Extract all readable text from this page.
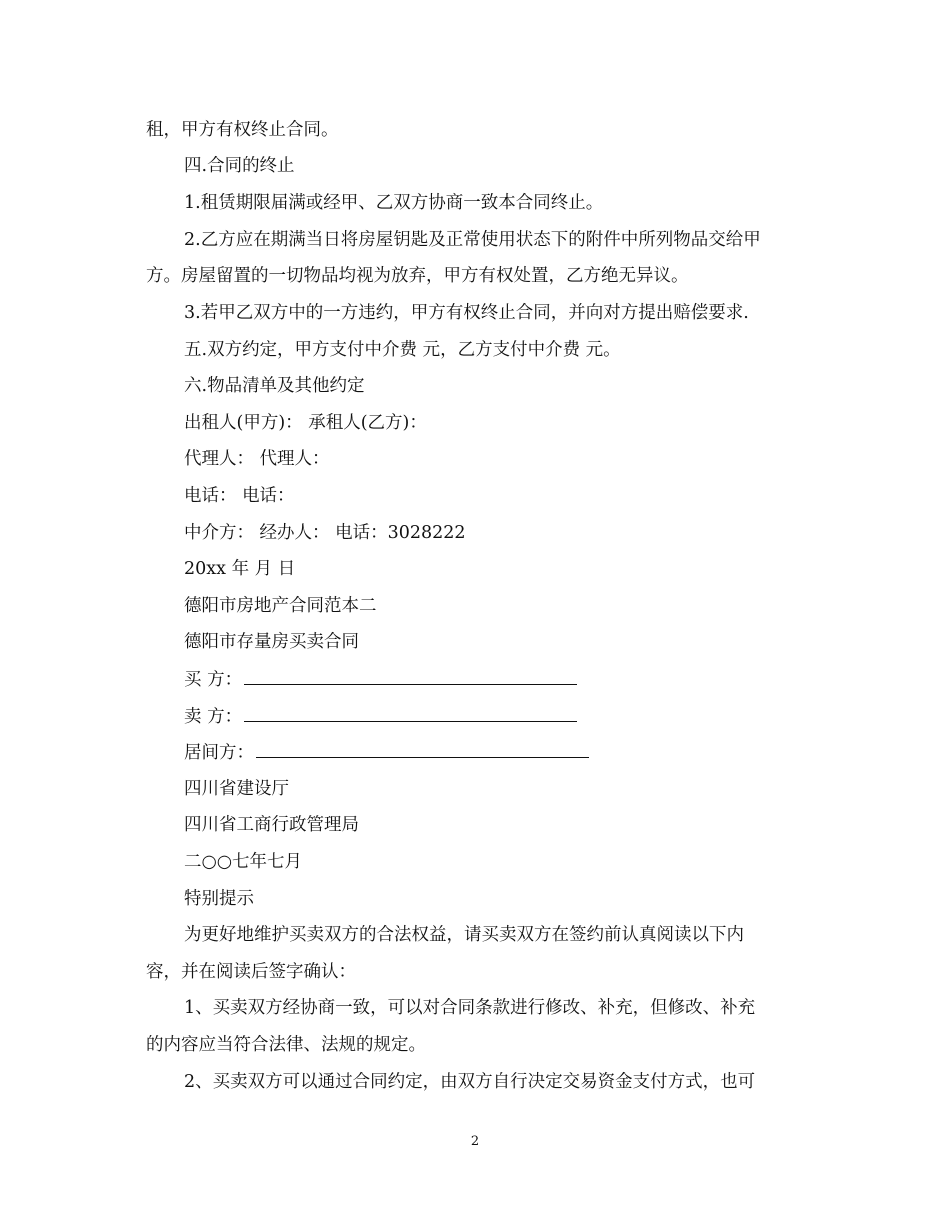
租，甲方有权终止合同。
四.合同的终止
1.租赁期限届满或经甲、乙双方协商一致本合同终止。
2.乙方应在期满当日将房屋钥匙及正常使用状态下的附件中所列物品交给甲
方。房屋留置的一切物品均视为放弃，甲方有权处置，乙方绝无异议。
3.若甲乙双方中的一方违约，甲方有权终止合同，并向对方提出赔偿要求.
五.双方约定，甲方支付中介费 元，乙方支付中介费 元。
六.物品清单及其他约定
出租人(甲方)： 承租人(乙方)：
代理人： 代理人：
电话： 电话：
中介方： 经办人： 电话：3028222
20xx 年 月 日
德阳市房地产合同范本二
德阳市存量房买卖合同
买 方：
卖 方：
居间方：
四川省建设厅
四川省工商行政管理局
二○○七年七月
特别提示
为更好地维护买卖双方的合法权益，请买卖双方在签约前认真阅读以下内
容，并在阅读后签字确认：
1、买卖双方经协商一致，可以对合同条款进行修改、补充，但修改、补充
的内容应当符合法律、法规的规定。
2、买卖双方可以通过合同约定，由双方自行决定交易资金支付方式，也可
2
